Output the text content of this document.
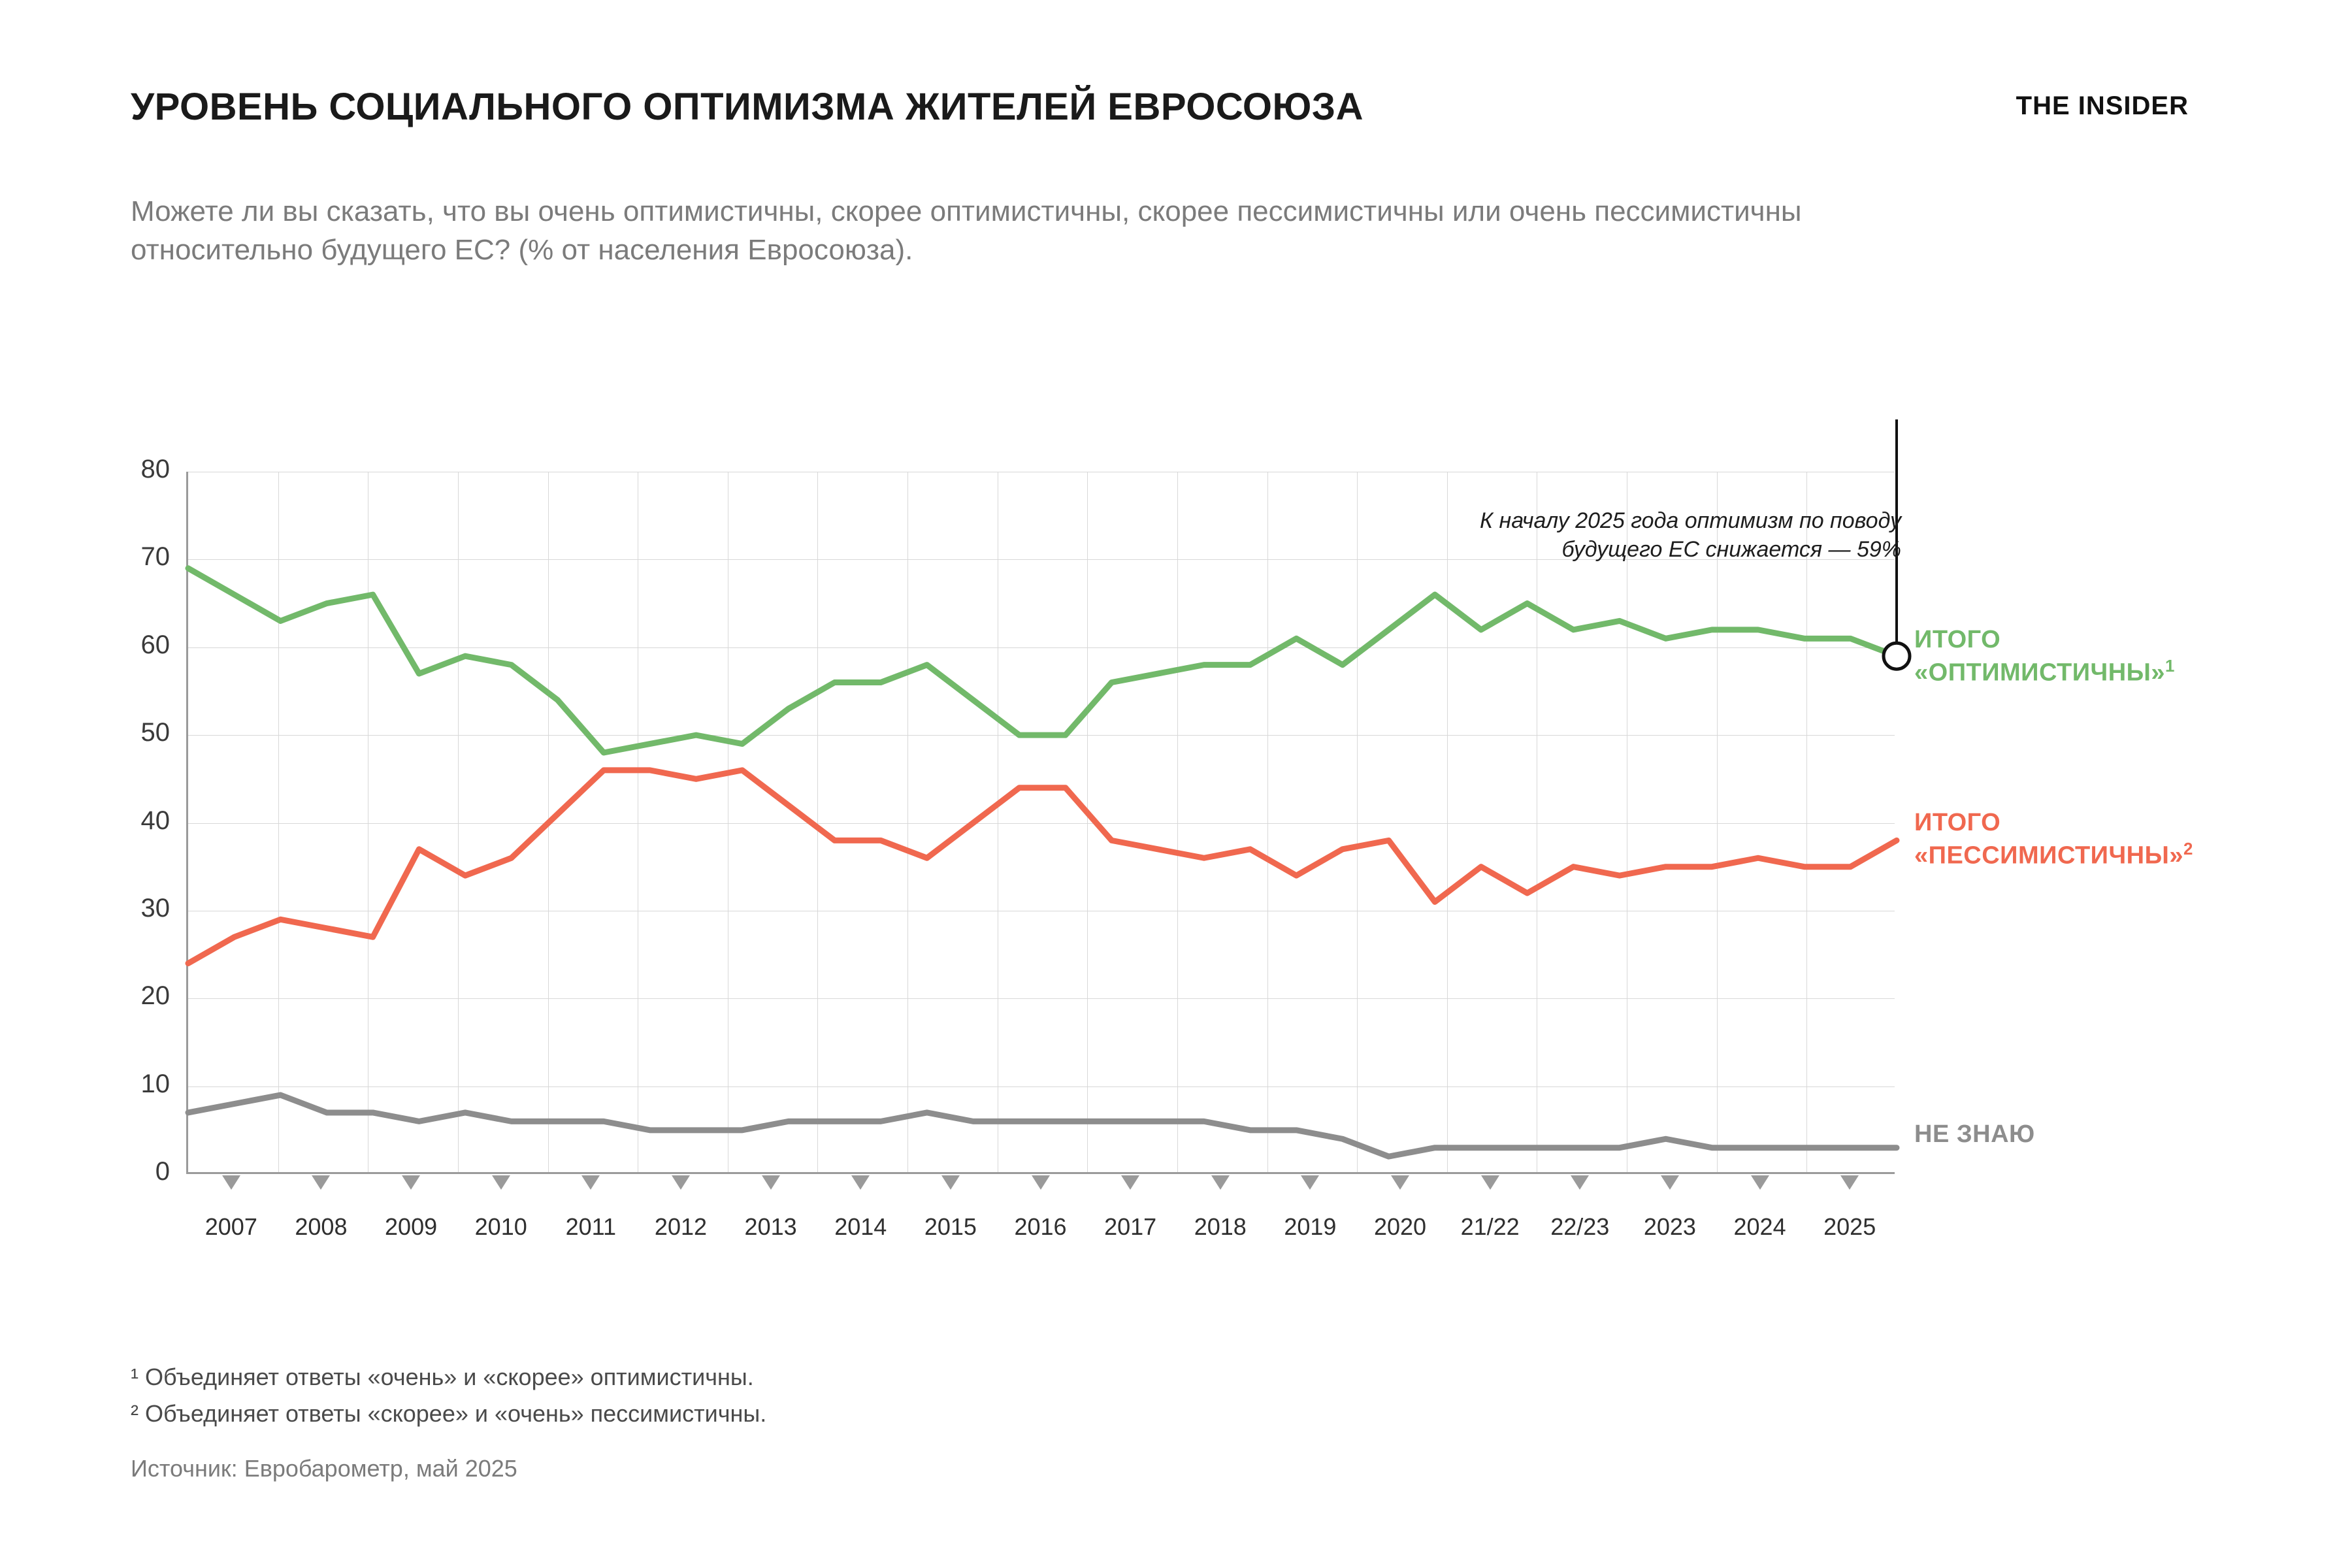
УРОВЕНЬ СОЦИАЛЬНОГО ОПТИМИЗМА ЖИТЕЛЕЙ ЕВРОСОЮЗА	THE INSIDER
Можете ли вы сказать, что вы очень оптимистичны, скорее оптимистичны, скорее пессимистичны или очень пессимистичны относительно будущего ЕС? (% от населения Евросоюза).
0
10
20
30
40
50
60
70
80
2007 2008 2009 2010 2011 2012 2013 2014 2015 2016 2017 2018 2019 2020 21/22 22/23 2023 2024 2025
К началу 2025 года оптимизм по поводу будущего ЕС снижается — 59%
ИТОГО
«ОПТИМИСТИЧНЫ»$^1$
ИТОГО
«ПЕССИМИСТИЧНЫ»$^2$
НЕ ЗНАЮ
¹ Объединяет ответы «очень» и «скорее» оптимистичны.
² Объединяет ответы «скорее» и «очень» пессимистичны.
Источник: Евробарометр, май 2025
